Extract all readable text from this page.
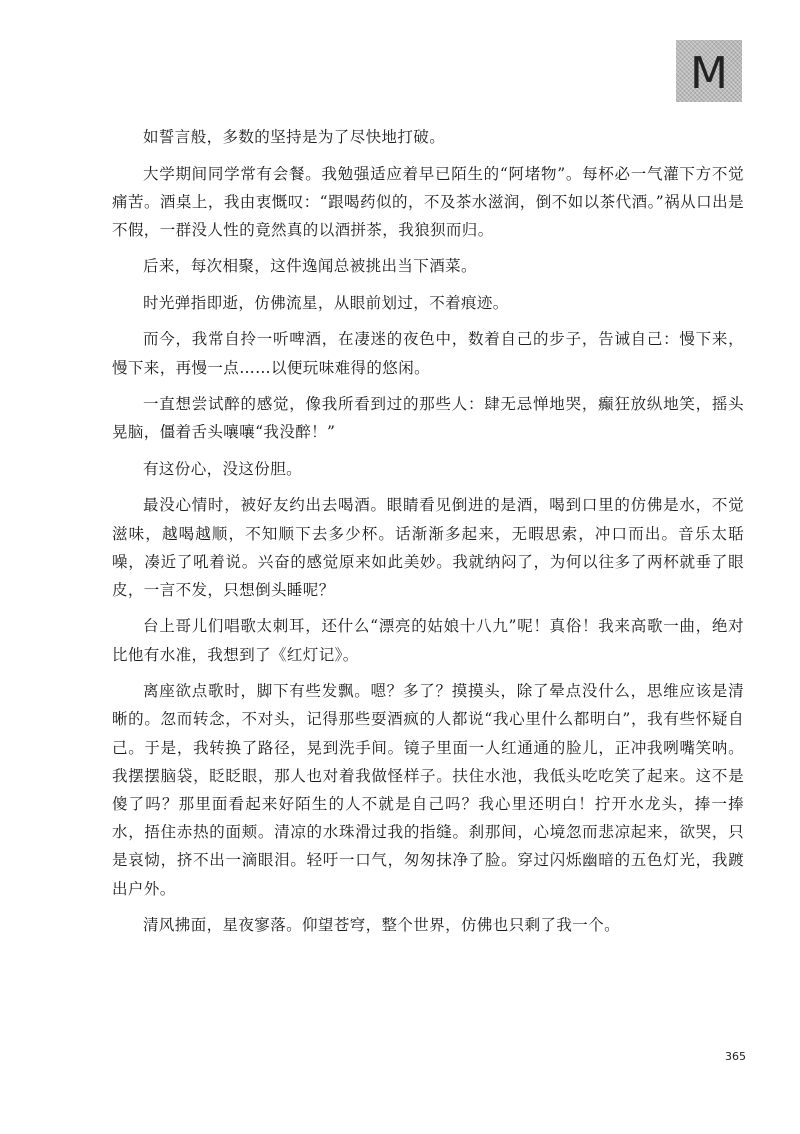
M

如誓言般，多数的坚持是为了尽快地打破。

大学期间同学常有会餐。我勉强适应着早已陌生的“阿堵物”。每杯必一气灌下方不觉痛苦。酒桌上，我由衷慨叹：“跟喝药似的，不及茶水滋润，倒不如以茶代酒。”祸从口出是不假，一群没人性的竟然真的以酒拼茶，我狼狈而归。

后来，每次相聚，这件逸闻总被挑出当下酒菜。

时光弹指即逝，仿佛流星，从眼前划过，不着痕迹。

而今，我常自拎一听啤酒，在凄迷的夜色中，数着自己的步子，告诫自己：慢下来，慢下来，再慢一点……以便玩味难得的悠闲。

一直想尝试醉的感觉，像我所看到过的那些人：肆无忌惮地哭，癫狂放纵地笑，摇头晃脑，僵着舌头嚷嚷“我没醉！”

有这份心，没这份胆。

最没心情时，被好友约出去喝酒。眼睛看见倒进的是酒，喝到口里的仿佛是水，不觉滋味，越喝越顺，不知顺下去多少杯。话渐渐多起来，无暇思索，冲口而出。音乐太聒噪，凑近了吼着说。兴奋的感觉原来如此美妙。我就纳闷了，为何以往多了两杯就垂了眼皮，一言不发，只想倒头睡呢？

台上哥儿们唱歌太刺耳，还什么“漂亮的姑娘十八九”呢！真俗！我来高歌一曲，绝对比他有水准，我想到了《红灯记》。

离座欲点歌时，脚下有些发飘。嗯？多了？摸摸头，除了晕点没什么，思维应该是清晰的。忽而转念，不对头，记得那些耍酒疯的人都说“我心里什么都明白”，我有些怀疑自己。于是，我转换了路径，晃到洗手间。镜子里面一人红通通的脸儿，正冲我咧嘴笑呐。我摆摆脑袋，眨眨眼，那人也对着我做怪样子。扶住水池，我低头吃吃笑了起来。这不是傻了吗？那里面看起来好陌生的人不就是自己吗？我心里还明白！拧开水龙头，捧一捧水，捂住赤热的面颊。清凉的水珠滑过我的指缝。刹那间，心境忽而悲凉起来，欲哭，只是哀恸，挤不出一滴眼泪。轻吁一口气，匆匆抹净了脸。穿过闪烁幽暗的五色灯光，我踱出户外。

清风拂面，星夜寥落。仰望苍穹，整个世界，仿佛也只剩了我一个。

365
